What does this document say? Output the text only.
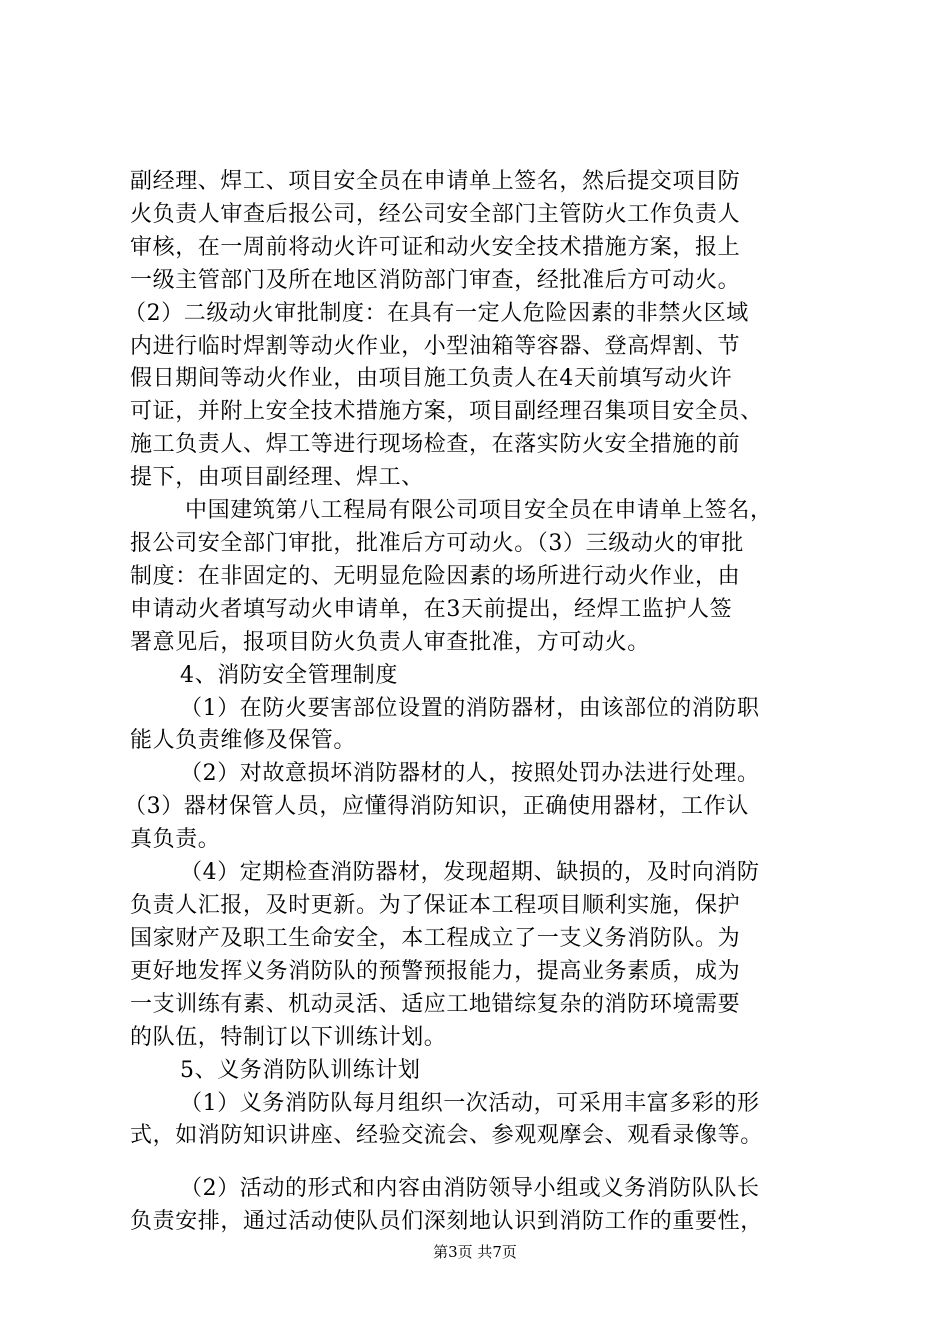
副经理、焊工、项目安全员在申请单上签名，然后提交项目防
火负责人审查后报公司，经公司安全部门主管防火工作负责人
审核，在一周前将动火许可证和动火安全技术措施方案，报上
一级主管部门及所在地区消防部门审查，经批准后方可动火。
（2）二级动火审批制度：在具有一定人危险因素的非禁火区域
内进行临时焊割等动火作业，小型油箱等容器、登高焊割、节
假日期间等动火作业，由项目施工负责人在4天前填写动火许
可证，并附上安全技术措施方案，项目副经理召集项目安全员、
施工负责人、焊工等进行现场检查，在落实防火安全措施的前
提下，由项目副经理、焊工、
中国建筑第八工程局有限公司项目安全员在申请单上签名，
报公司安全部门审批，批准后方可动火。（3）三级动火的审批
制度：在非固定的、无明显危险因素的场所进行动火作业，由
申请动火者填写动火申请单，在3天前提出，经焊工监护人签
署意见后，报项目防火负责人审查批准，方可动火。
4、消防安全管理制度
（1）在防火要害部位设置的消防器材，由该部位的消防职
能人负责维修及保管。
（2）对故意损坏消防器材的人，按照处罚办法进行处理。
（3）器材保管人员，应懂得消防知识，正确使用器材，工作认
真负责。
（4）定期检查消防器材，发现超期、缺损的，及时向消防
负责人汇报，及时更新。为了保证本工程项目顺利实施，保护
国家财产及职工生命安全，本工程成立了一支义务消防队。为
更好地发挥义务消防队的预警预报能力，提高业务素质，成为
一支训练有素、机动灵活、适应工地错综复杂的消防环境需要
的队伍，特制订以下训练计划。
5、义务消防队训练计划
（1）义务消防队每月组织一次活动，可采用丰富多彩的形
式，如消防知识讲座、经验交流会、参观观摩会、观看录像等。
（2）活动的形式和内容由消防领导小组或义务消防队队长
负责安排，通过活动使队员们深刻地认识到消防工作的重要性，
第3页 共7页
